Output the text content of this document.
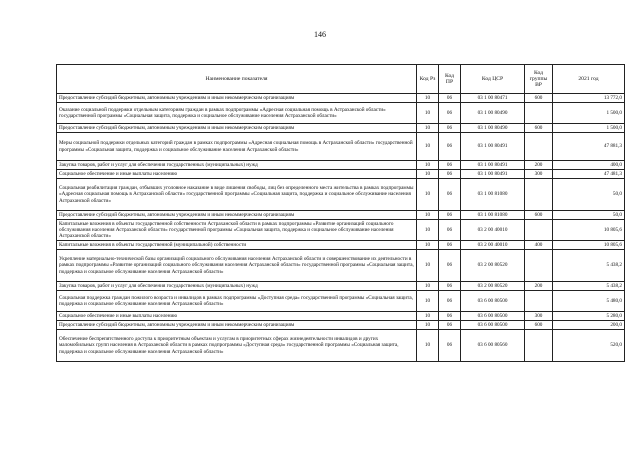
146
Наименование показателя	Код Рз	Код ПР	Код ЦСР	Код группы ВР	2021 год
Предоставление субсидий бюджетным, автономным учреждениям и иным некоммерческим организациям	10	06	03 1 00 80471	600	13 772,0
Оказание социальной поддержки отдельным категориям граждан в рамках подпрограммы «Адресная социальная помощь в Астраханской области» государственной программы «Социальная защита, поддержка и социальное обслуживание населения Астраханской области»	10	06	03 1 00 80490		1 500,0
Предоставление субсидий бюджетным, автономным учреждениям и иным некоммерческим организациям	10	06	03 1 00 80490	600	1 500,0
Меры социальной поддержки отдельных категорий граждан в рамках подпрограммы «Адресная социальная помощь в Астраханской области» государственной программы «Социальная защита, поддержка и социальное обслуживание населения Астраханской области»	10	06	03 1 00 80491		47 881,3
Закупка товаров, работ и услуг для обеспечения государственных (муниципальных) нужд	10	06	03 1 00 80491	200	400,0
Социальное обеспечение и иные выплаты населению	10	06	03 1 00 80491	300	47 481,3
Социальная реабилитация граждан, отбывших уголовное наказание в виде лишения свободы, лиц без определенного места жительства в рамках подпрограммы «Адресная социальная помощь в Астраханской области» государственной программы «Социальная защита, поддержка и социальное обслуживание населения Астраханской области»	10	06	03 1 00 81080		50,0
Предоставление субсидий бюджетным, автономным учреждениям и иным некоммерческим организациям	10	06	03 1 00 81080	600	50,0
Капитальные вложения в объекты государственной собственности Астраханской области в рамках подпрограммы «Развитие организаций социального обслуживания населения Астраханской области» государственной программы «Социальная защита, поддержка и социальное обслуживание населения Астраханской области»	10	06	03 2 00 40010		10 805,6
Капитальные вложения в объекты государственной (муниципальной) собственности	10	06	03 2 00 40010	400	10 805,6
Укрепление материально-технической базы организаций социального обслуживания населения Астраханской области и совершенствование их деятельности в рамках подпрограммы «Развитие организаций социального обслуживания населения Астраханской области» государственной программы «Социальная защита, поддержка и социальное обслуживание населения Астраханской области»	10	06	03 2 00 80520		5 438,2
Закупка товаров, работ и услуг для обеспечения государственных (муниципальных) нужд	10	06	03 2 00 80520	200	5 438,2
Социальная поддержка граждан пожилого возраста и инвалидов в рамках подпрограммы «Доступная среда» государственной программы «Социальная защита, поддержка и социальное обслуживание населения Астраханской области»	10	06	03 6 00 80500		5 480,0
Социальное обеспечение и иные выплаты населению	10	06	03 6 00 80500	300	5 280,0
Предоставление субсидий бюджетным, автономным учреждениям и иным некоммерческим организациям	10	06	03 6 00 80500	600	200,0
Обеспечение беспрепятственного доступа к приоритетным объектам и услугам в приоритетных сферах жизнедеятельности инвалидов и других маломобильных групп населения в Астраханской области в рамках подпрограммы «Доступная среда» государственной программы «Социальная защита, поддержка и социальное обслуживание населения Астраханской области»	10	06	03 6 00 80560		520,0
